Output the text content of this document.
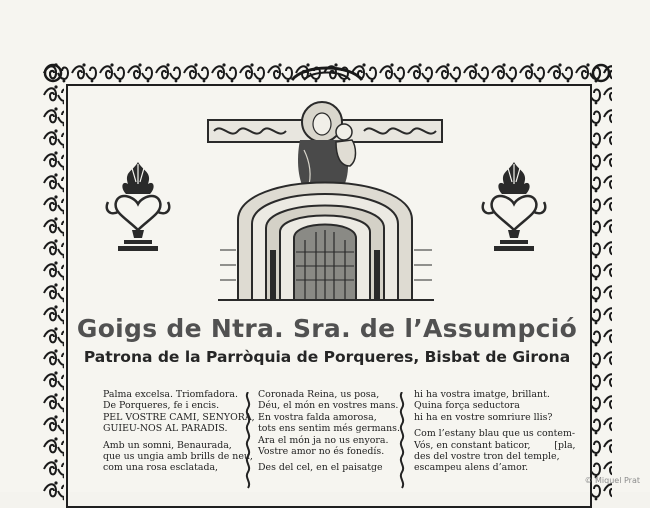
Goigs de Ntra. Sra. de l’Assumpció
Patrona de la Parròquia de Porqueres, Bisbat de Girona
Palma excelsa. Triomfadora.
De Porqueres, fe i encis.
PEL VOSTRE CAMI, SENYORA,
GUIEU-NOS AL PARADIS.
Amb un somni, Benaurada,
que us ungia amb brills de neu,
com una rosa esclatada,
Coronada Reina, us posa,
Déu, el món en vostres mans.
En vostra falda amorosa,
tots ens sentim més germans.
Ara el món ja no us enyora.
Vostre amor no és fonedís.
Des del cel, en el paisatge
hi ha vostra imatge, brillant.
Quina força seductora
hi ha en vostre somriure llis?
Com l’estany blau que us contem-
Vós, en constant baticor,        [pla,
des del vostre tron del temple,
escampeu alens d’amor.
© Miquel Prat
